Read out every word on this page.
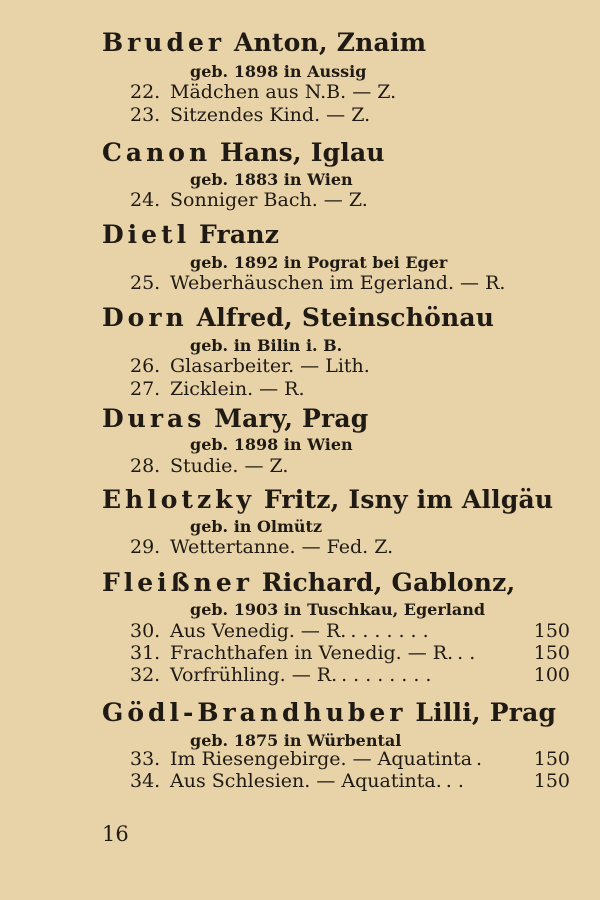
Bruder Anton, Znaim
geb. 1898 in Aussig
22. Mädchen aus N.B. — Z.
23. Sitzendes Kind. — Z.
Canon Hans, Iglau
geb. 1883 in Wien
24. Sonniger Bach. — Z.
Dietl Franz
geb. 1892 in Pograt bei Eger
25. Weberhäuschen im Egerland. — R.
Dorn Alfred, Steinschönau
geb. in Bilin i. B.
26. Glasarbeiter. — Lith.
27. Zicklein. — R.
Duras Mary, Prag
geb. 1898 in Wien
28. Studie. — Z.
Ehlotzky Fritz, Isny im Allgäu
geb. in Olmütz
29. Wettertanne. — Fed. Z.
Fleißner Richard, Gablonz,
geb. 1903 in Tuschkau, Egerland
30. Aus Venedig. — R. .......	150
31. Frachthafen in Venedig. — R. ..	150
32. Vorfrühling. — R. ........	100
Gödl-Brandhuber Lilli, Prag
geb. 1875 in Würbental
33. Im Riesengebirge. — Aquatinta . 150
34. Aus Schlesien. — Aquatinta. ..	150
16
